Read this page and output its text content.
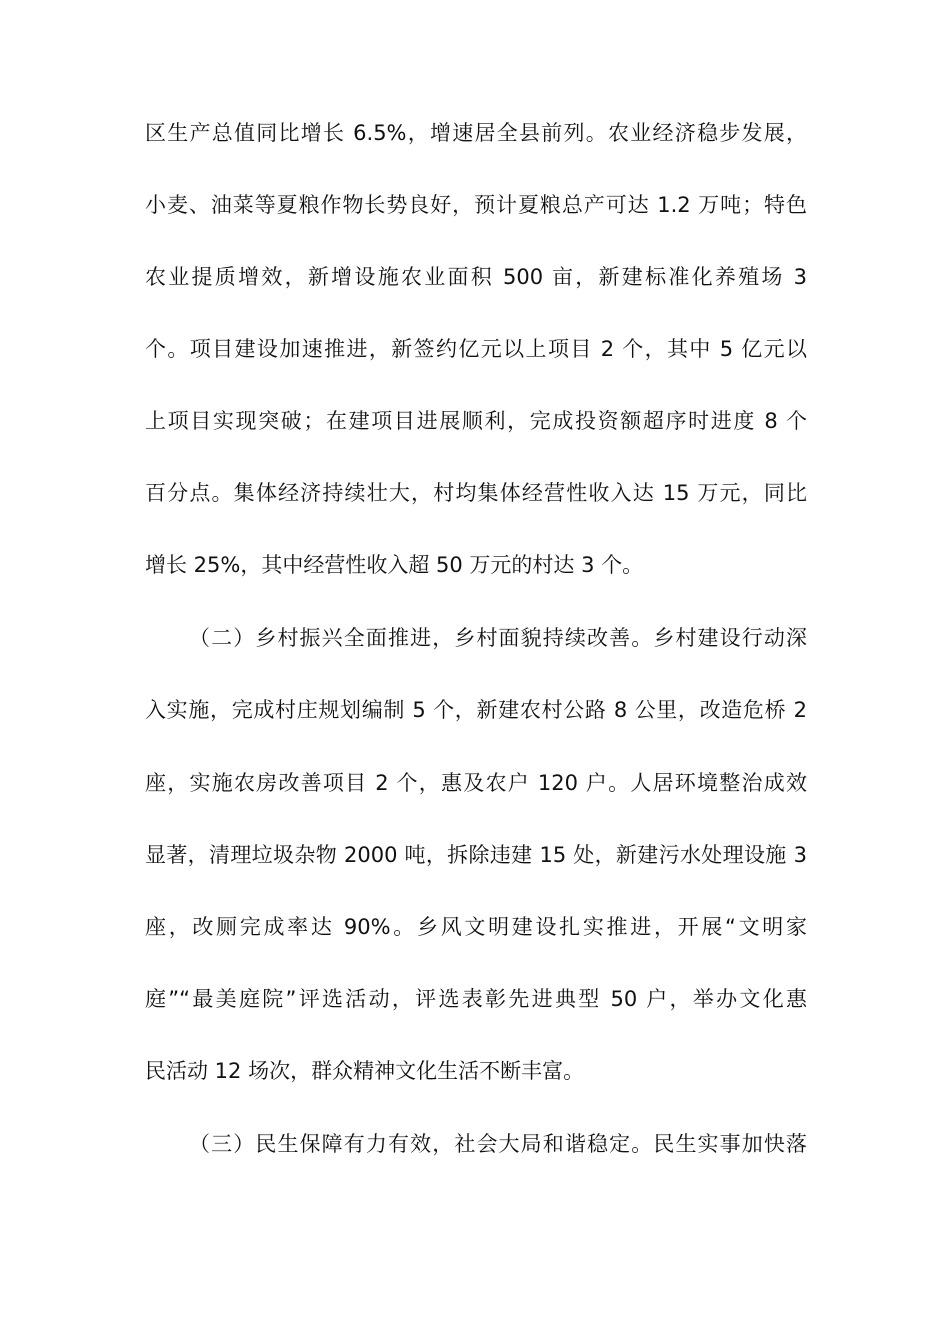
区生产总值同比增长 6.5%，增速居全县前列。农业经济稳步发展，
小麦、油菜等夏粮作物长势良好，预计夏粮总产可达 1.2 万吨；特色
农业提质增效，新增设施农业面积 500 亩，新建标准化养殖场 3
个。项目建设加速推进，新签约亿元以上项目 2 个，其中 5 亿元以
上项目实现突破；在建项目进展顺利，完成投资额超序时进度 8 个
百分点。集体经济持续壮大，村均集体经营性收入达 15 万元，同比
增长 25%，其中经营性收入超 50 万元的村达 3 个。
（二）乡村振兴全面推进，乡村面貌持续改善。乡村建设行动深
入实施，完成村庄规划编制 5 个，新建农村公路 8 公里，改造危桥 2
座，实施农房改善项目 2 个，惠及农户 120 户。人居环境整治成效
显著，清理垃圾杂物 2000 吨，拆除违建 15 处，新建污水处理设施 3
座，改厕完成率达 90%。乡风文明建设扎实推进，开展“文明家
庭”“最美庭院”评选活动，评选表彰先进典型 50 户，举办文化惠
民活动 12 场次，群众精神文化生活不断丰富。
（三）民生保障有力有效，社会大局和谐稳定。民生实事加快落
